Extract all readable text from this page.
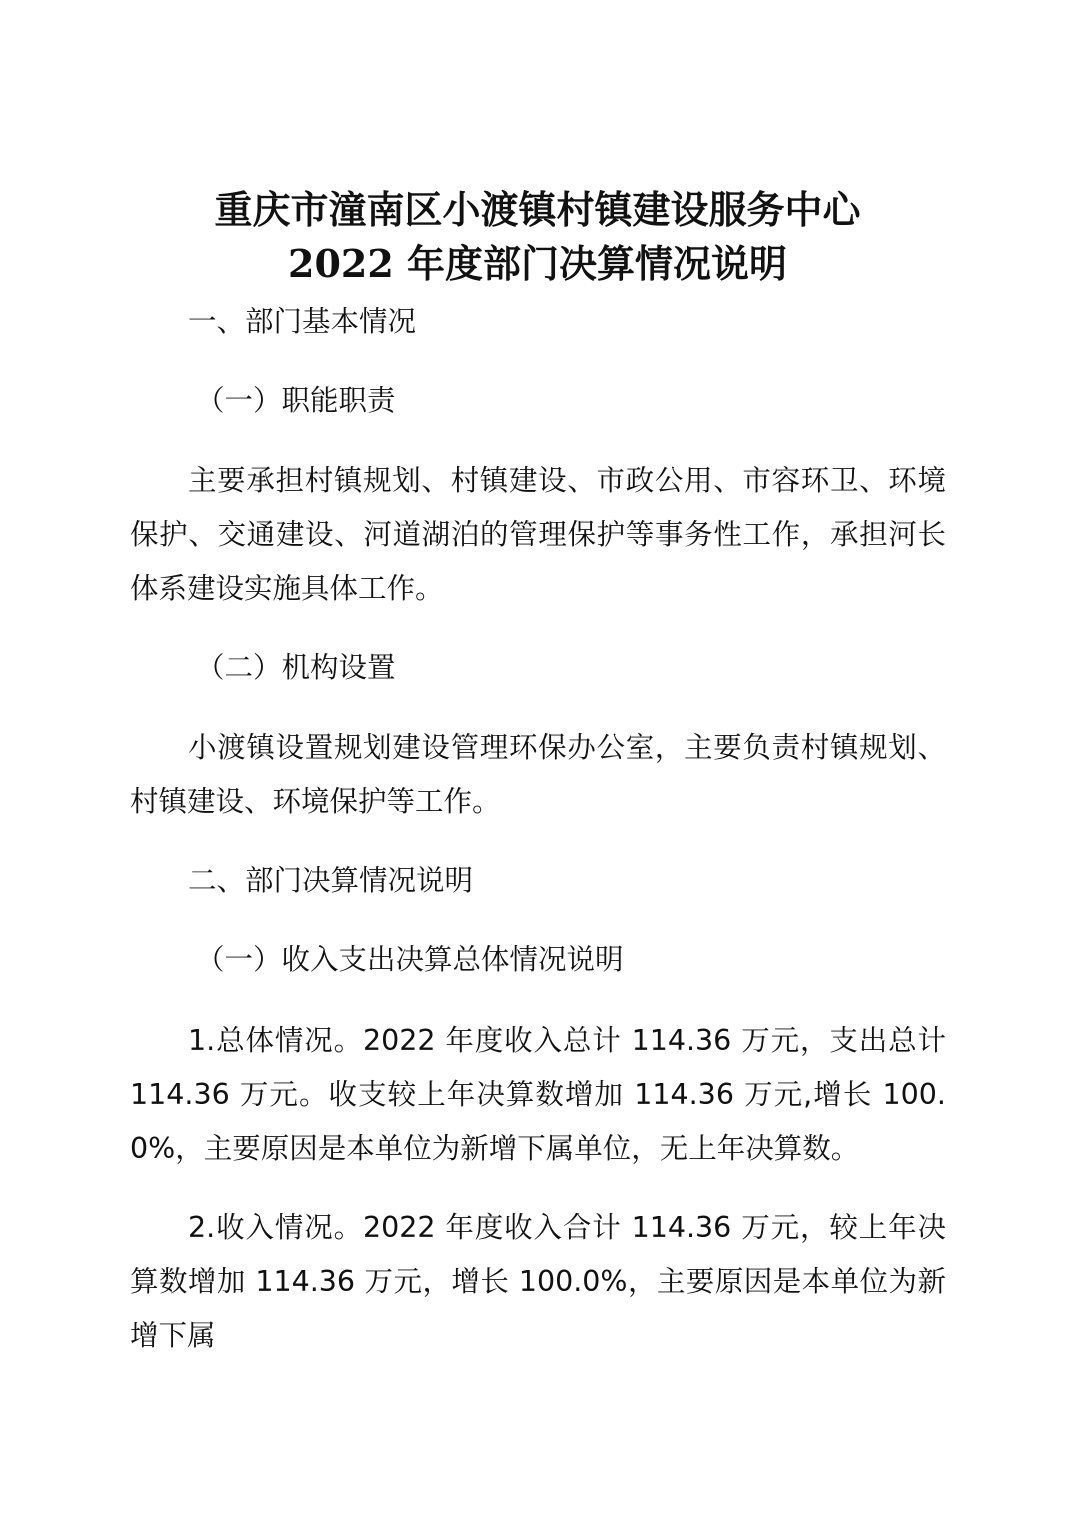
重庆市潼南区小渡镇村镇建设服务中心
2022 年度部门决算情况说明
一、部门基本情况
（一）职能职责
主要承担村镇规划、村镇建设、市政公用、市容环卫、环境保护、交通建设、河道湖泊的管理保护等事务性工作，承担河长体系建设实施具体工作。
（二）机构设置
小渡镇设置规划建设管理环保办公室，主要负责村镇规划、村镇建设、环境保护等工作。
二、部门决算情况说明
（一）收入支出决算总体情况说明
1.总体情况。2022 年度收入总计 114.36 万元，支出总计 114.36 万元。收支较上年决算数增加 114.36 万元,增长 100.0%，主要原因是本单位为新增下属单位，无上年决算数。
2.收入情况。2022 年度收入合计 114.36 万元，较上年决算数增加 114.36 万元，增长 100.0%，主要原因是本单位为新增下属
